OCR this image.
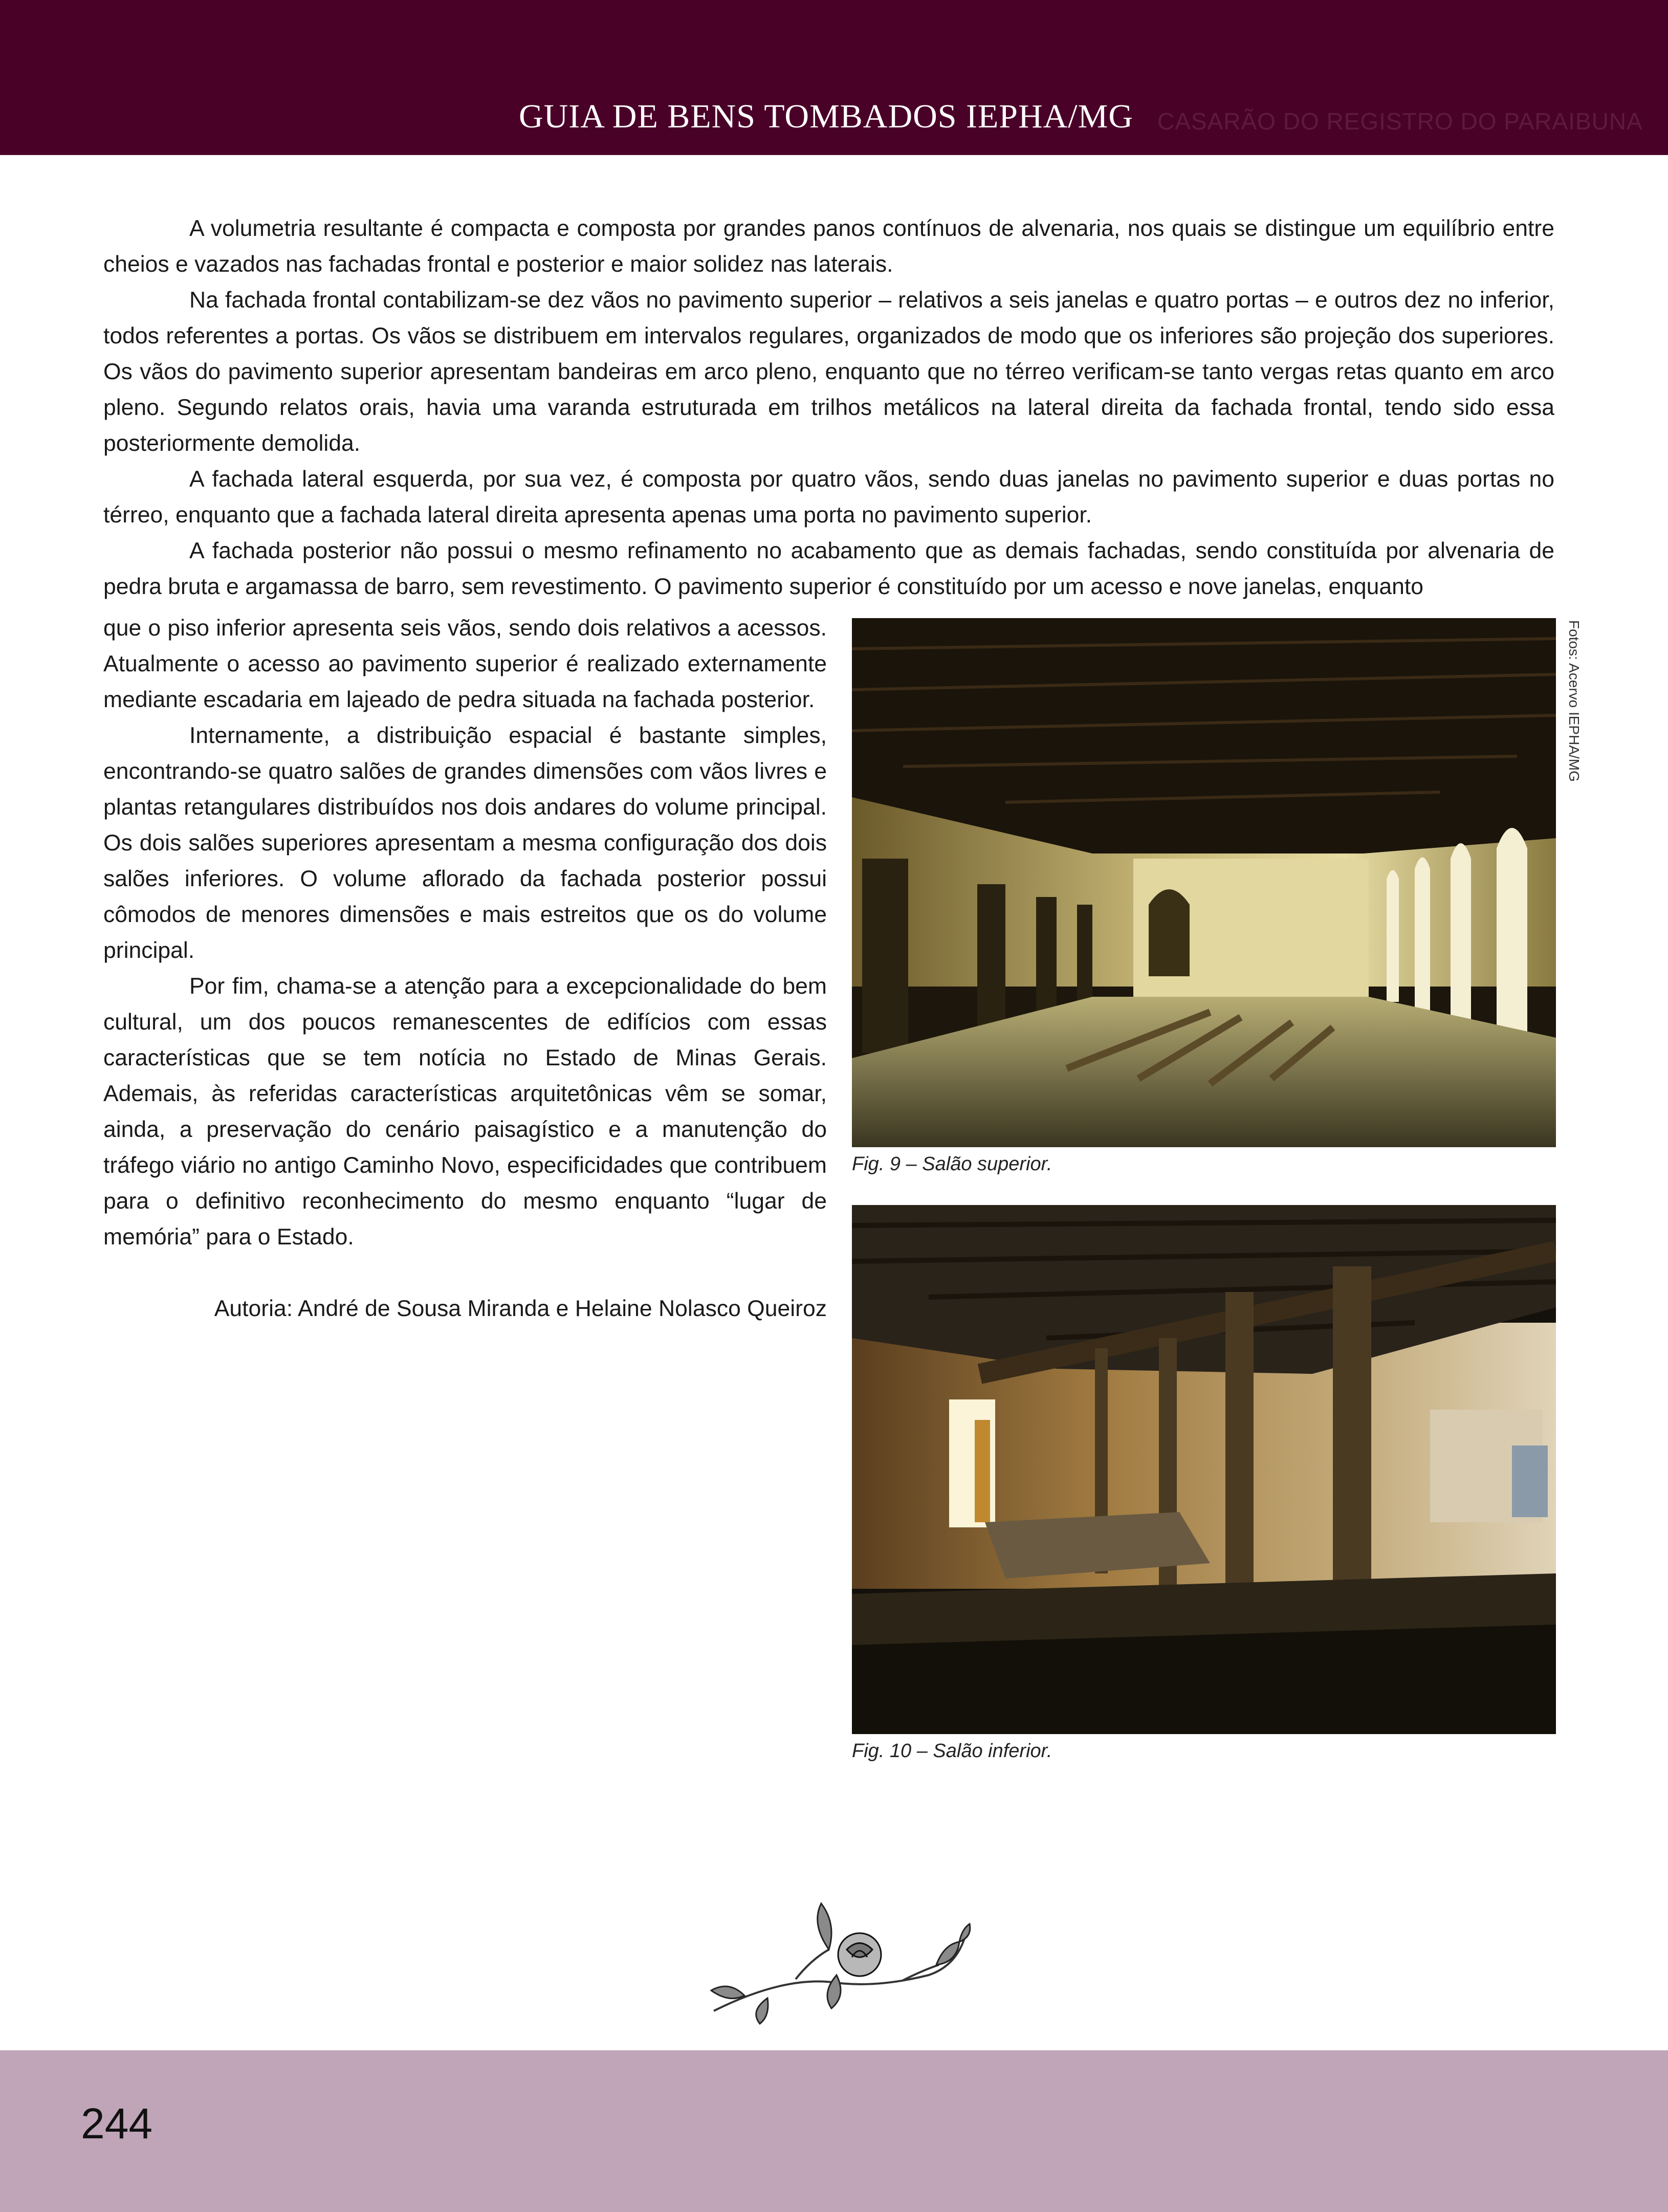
GUIA DE BENS TOMBADOS IEPHA/MG CASARÃO DO REGISTRO DO PARAIBUNA

A volumetria resultante é compacta e composta por grandes panos contínuos de alvenaria, nos quais se distingue um equilíbrio entre cheios e vazados nas fachadas frontal e posterior e maior solidez nas laterais.

Na fachada frontal contabilizam-se dez vãos no pavimento superior – relativos a seis janelas e quatro portas – e outros dez no inferior, todos referentes a portas. Os vãos se distribuem em intervalos regulares, organizados de modo que os inferiores são projeção dos superiores. Os vãos do pavimento superior apresentam bandeiras em arco pleno, enquanto que no térreo verificam-se tanto vergas retas quanto em arco pleno. Segundo relatos orais, havia uma varanda estruturada em trilhos metálicos na lateral direita da fachada frontal, tendo sido essa posteriormente demolida.

A fachada lateral esquerda, por sua vez, é composta por quatro vãos, sendo duas janelas no pavimento superior e duas portas no térreo, enquanto que a fachada lateral direita apresenta apenas uma porta no pavimento superior.

A fachada posterior não possui o mesmo refinamento no acabamento que as demais fachadas, sendo constituída por alvenaria de pedra bruta e argamassa de barro, sem revestimento. O pavimento superior é constituído por um acesso e nove janelas, enquanto

que o piso inferior apresenta seis vãos, sendo dois relativos a acessos. Atualmente o acesso ao pavimento superior é realizado externamente mediante escadaria em lajeado de pedra situada na fachada posterior.

Internamente, a distribuição espacial é bastante simples, encontrando-se quatro salões de grandes dimensões com vãos livres e plantas retangulares distribuídos nos dois andares do volume principal. Os dois salões superiores apresentam a mesma configuração dos dois salões inferiores. O volume aflorado da fachada posterior possui cômodos de menores dimensões e mais estreitos que os do volume principal.

Por fim, chama-se a atenção para a excepcionalidade do bem cultural, um dos poucos remanescentes de edifícios com essas características que se tem notícia no Estado de Minas Gerais. Ademais, às referidas características arquitetônicas vêm se somar, ainda, a preservação do cenário paisagístico e a manutenção do tráfego viário no antigo Caminho Novo, especificidades que contribuem para o definitivo reconhecimento do mesmo enquanto “lugar de memória” para o Estado.

Autoria: André de Sousa Miranda e Helaine Nolasco Queiroz

Fotos: Acervo IEPHA/MG
Fig. 9 – Salão superior.
Fig. 10 – Salão inferior.
244
